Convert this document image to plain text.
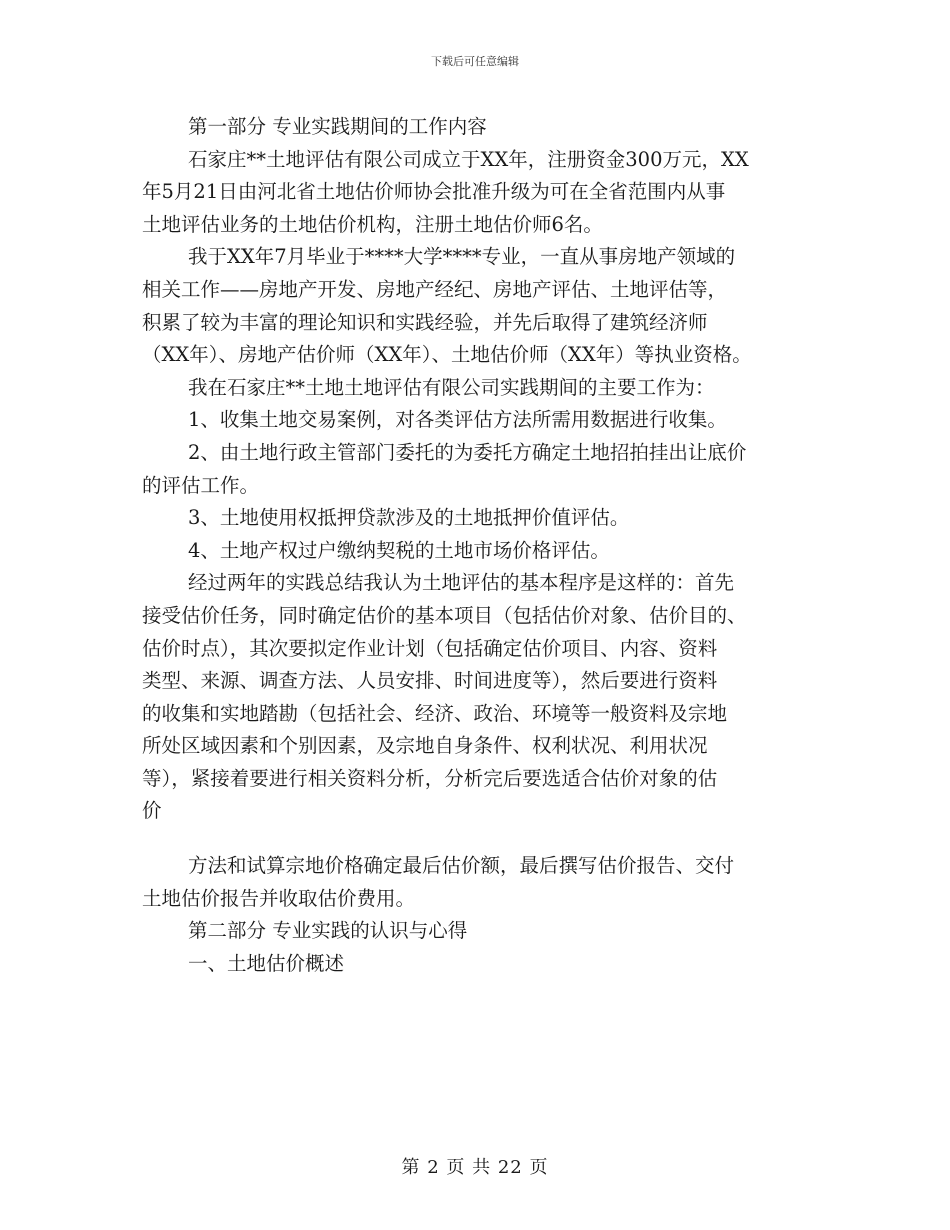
下载后可任意编辑
第一部分 专业实践期间的工作内容
石家庄**土地评估有限公司成立于XX年，注册资金300万元，XX
年5月21日由河北省土地估价师协会批准升级为可在全省范围内从事
土地评估业务的土地估价机构，注册土地估价师6名。
我于XX年7月毕业于****大学****专业，一直从事房地产领域的
相关工作——房地产开发、房地产经纪、房地产评估、土地评估等，
积累了较为丰富的理论知识和实践经验，并先后取得了建筑经济师
（XX年）、房地产估价师（XX年）、土地估价师（XX年）等执业资格。
我在石家庄**土地土地评估有限公司实践期间的主要工作为：
1、收集土地交易案例，对各类评估方法所需用数据进行收集。
2、由土地行政主管部门委托的为委托方确定土地招拍挂出让底价
的评估工作。
3、土地使用权抵押贷款涉及的土地抵押价值评估。
4、土地产权过户缴纳契税的土地市场价格评估。
经过两年的实践总结我认为土地评估的基本程序是这样的：首先
接受估价任务，同时确定估价的基本项目（包括估价对象、估价目的、
估价时点），其次要拟定作业计划（包括确定估价项目、内容、资料
类型、来源、调查方法、人员安排、时间进度等），然后要进行资料
的收集和实地踏勘（包括社会、经济、政治、环境等一般资料及宗地
所处区域因素和个别因素，及宗地自身条件、权利状况、利用状况
等），紧接着要进行相关资料分析，分析完后要选适合估价对象的估
价
方法和试算宗地价格确定最后估价额，最后撰写估价报告、交付
土地估价报告并收取估价费用。
第二部分 专业实践的认识与心得
一、土地估价概述
第 2 页 共 22 页
